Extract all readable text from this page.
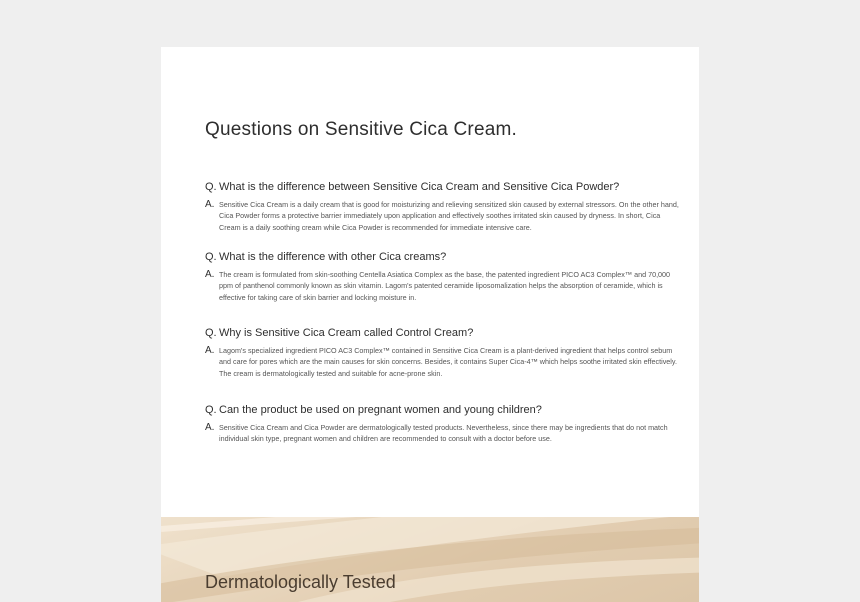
Questions on Sensitive Cica Cream.
Q. What is the difference between Sensitive Cica Cream and Sensitive Cica Powder?
A. Sensitive Cica Cream is a daily cream that is good for moisturizing and relieving sensitized skin caused by external stressors. On the other hand, Cica Powder forms a protective barrier immediately upon application and effectively soothes irritated skin caused by dryness. In short, Cica Cream is a daily soothing cream while Cica Powder is recommended for immediate intensive care.
Q. What is the difference with other Cica creams?
A. The cream is formulated from skin-soothing Centella Asiatica Complex as the base, the patented ingredient PICO AC3 Complex™ and 70,000 ppm of panthenol commonly known as skin vitamin. Lagom's patented ceramide liposomalization helps the absorption of ceramide, which is effective for taking care of skin barrier and locking moisture in.
Q. Why is Sensitive Cica Cream called Control Cream?
A. Lagom's specialized ingredient PICO AC3 Complex™ contained in Sensitive Cica Cream is a plant-derived ingredient that helps control sebum and care for pores which are the main causes for skin concerns. Besides, it contains Super Cica-4™ which helps soothe irritated skin effectively. The cream is dermatologically tested and suitable for acne-prone skin.
Q. Can the product be used on pregnant women and young children?
A. Sensitive Cica Cream and Cica Powder are dermatologically tested products. Nevertheless, since there may be ingredients that do not match individual skin type, pregnant women and children are recommended to consult with a doctor before use.
Dermatologically Tested
